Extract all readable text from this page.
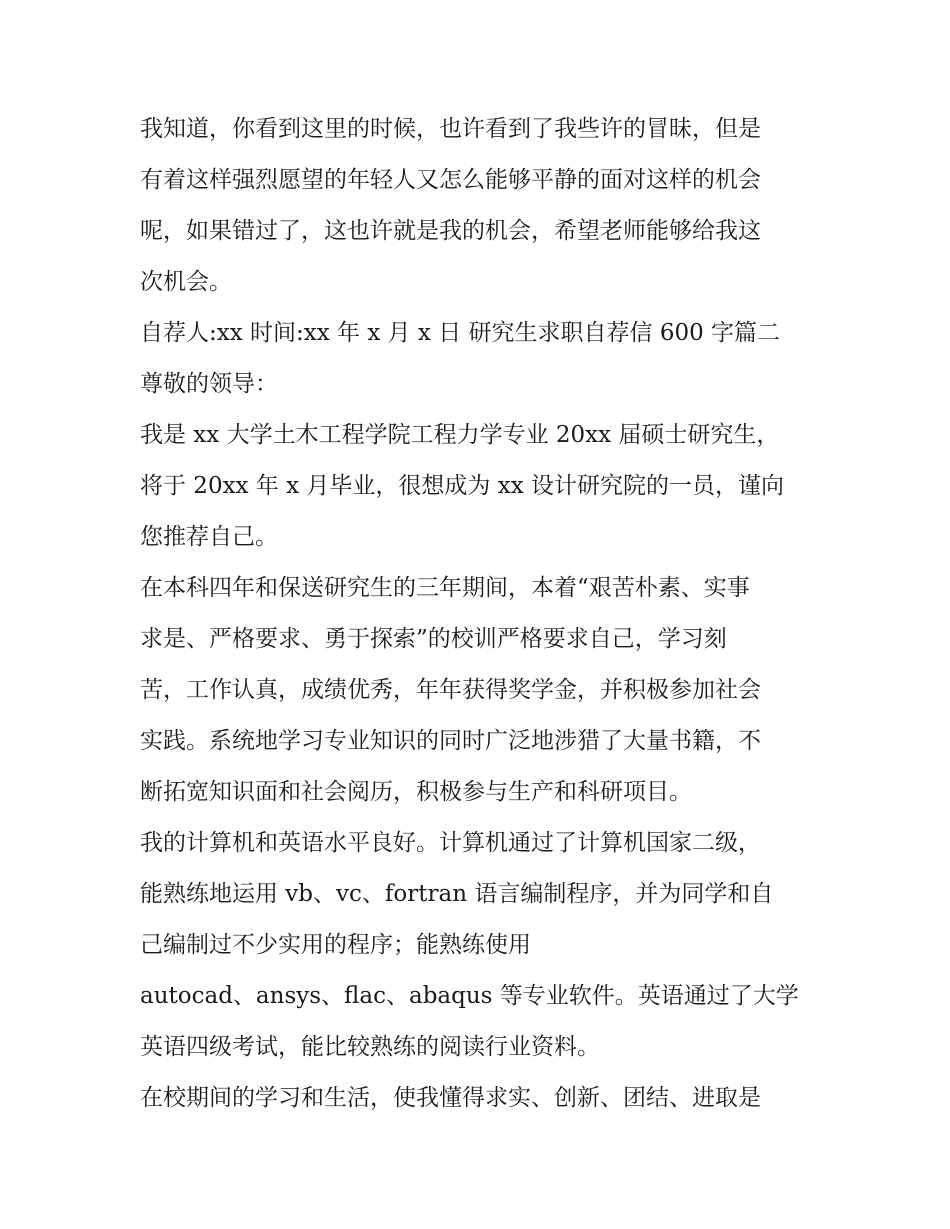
我知道，你看到这里的时候，也许看到了我些许的冒昧，但是
有着这样强烈愿望的年轻人又怎么能够平静的面对这样的机会
呢，如果错过了，这也许就是我的机会，希望老师能够给我这
次机会。
自荐人:xx 时间:xx 年 x 月 x 日 研究生求职自荐信 600 字篇二
尊敬的领导：
我是 xx 大学土木工程学院工程力学专业 20xx 届硕士研究生，
将于 20xx 年 x 月毕业，很想成为 xx 设计研究院的一员，谨向
您推荐自己。
在本科四年和保送研究生的三年期间，本着“艰苦朴素、实事
求是、严格要求、勇于探索”的校训严格要求自己，学习刻
苦，工作认真，成绩优秀，年年获得奖学金，并积极参加社会
实践。系统地学习专业知识的同时广泛地涉猎了大量书籍，不
断拓宽知识面和社会阅历，积极参与生产和科研项目。
我的计算机和英语水平良好。计算机通过了计算机国家二级，
能熟练地运用 vb、vc、fortran 语言编制程序，并为同学和自
己编制过不少实用的程序；能熟练使用
autocad、ansys、flac、abaqus 等专业软件。英语通过了大学
英语四级考试，能比较熟练的阅读行业资料。
在校期间的学习和生活，使我懂得求实、创新、团结、进取是
